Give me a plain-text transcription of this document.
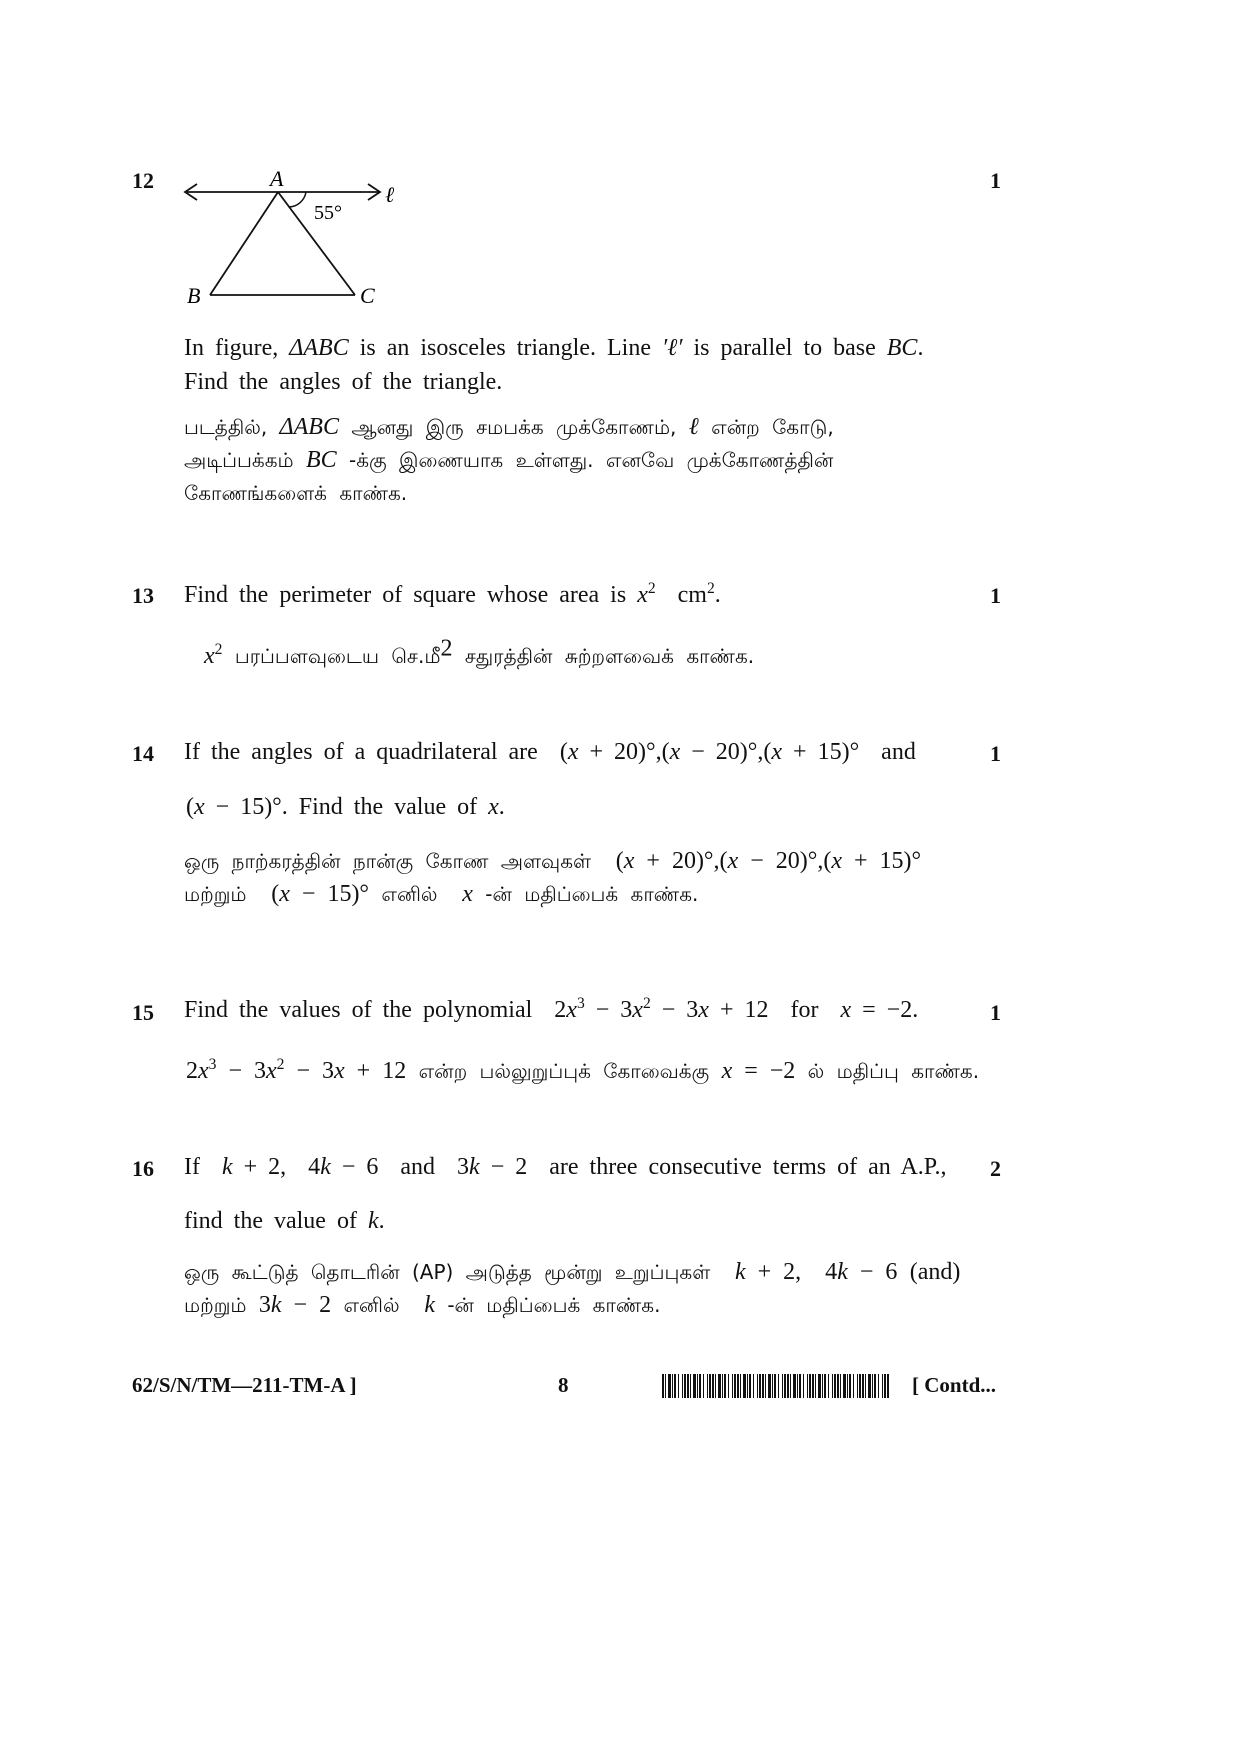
12	1
A
B	C
ℓ
55°
In figure, ΔABC is an isosceles triangle. Line ′ℓ′ is parallel to base BC.
Find the angles of the triangle.
படத்தில், ΔABC ஆனது இரு சமபக்க முக்கோணம், ℓ என்ற கோடு,
அடிப்பக்கம் BC -க்கு இணையாக உள்ளது. எனவே முக்கோணத்தின்
கோணங்களைக் காண்க.
13	1
Find the perimeter of square whose area is $x^2$  $cm^2$.
$x^2$ பரப்பளவுடைய செ.மீ$^2$ சதுரத்தின் சுற்றளவைக் காண்க.
14	1
If the angles of a quadrilateral are (x + 20)°,(x − 20)°,(x + 15)° and
(x − 15)°. Find the value of x.
ஒரு நாற்கரத்தின் நான்கு கோண அளவுகள் (x + 20)°,(x − 20)°,(x + 15)°
மற்றும் (x − 15)° எனில் x -ன் மதிப்பைக் காண்க.
15	1
Find the values of the polynomial $2x^3 - 3x^2 - 3x + 12$ for x = −2.
$2x^3 - 3x^2 - 3x + 12$ என்ற பல்லுறுப்புக் கோவைக்கு x = −2 ல் மதிப்பு காண்க.
16	2
If k + 2,  4k − 6 and 3k − 2 are three consecutive terms of an A.P.,
find the value of k.
ஒரு கூட்டுத் தொடரின் (AP) அடுத்த மூன்று உறுப்புகள் k + 2,  4k − 6 (and)
மற்றும் 3k − 2 எனில் k -ன் மதிப்பைக் காண்க.
62/S/N/TM—211-TM-A ]	8	[ Contd...
